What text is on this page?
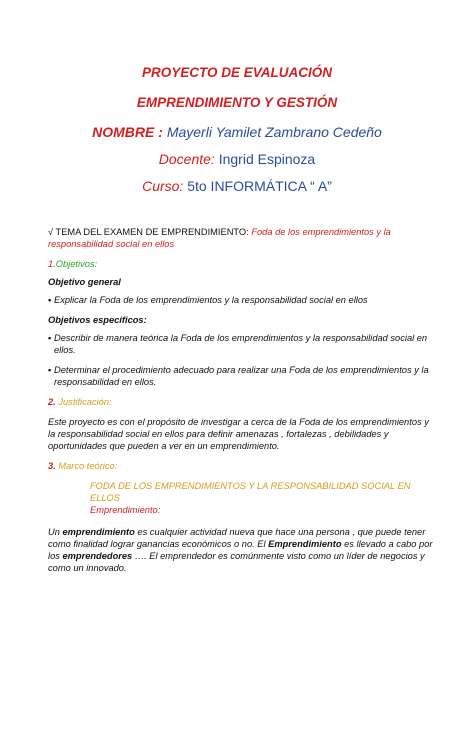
PROYECTO DE EVALUACIÓN
EMPRENDIMIENTO Y GESTIÓN
NOMBRE : Mayerli Yamilet Zambrano Cedeño
Docente: Ingrid Espinoza
Curso: 5to INFORMÁTICA “ A”

√ TEMA DEL EXAMEN DE EMPRENDIMIENTO: Foda de los emprendimientos y la

responsabilidad social en ellos

1.Objetivos:

Objetivo general

• Explicar la Foda de los emprendimientos y la responsabilidad social en ellos

Objetivos específicos:

• Describir de manera teórica la Foda de los emprendimientos y la responsabilidad social en ellos.
• Determinar el procedimiento adecuado para realizar una Foda de los emprendimientos y la responsabilidad en ellos.

2. Justificación:

Este proyecto es con el propósito de investigar a cerca de la Foda de los emprendimientos y la responsabilidad social en ellos para definir amenazas , fortalezas , debilidades y oportunidades que pueden a ver en un emprendimiento.

3. Marco teórico:

FODA DE LOS EMPRENDIMIENTOS Y LA RESPONSABILIDAD SOCIAL EN ELLOS

Emprendimiento:

Un emprendimiento es cualquier actividad nueva que hace una persona , que puede tener como finalidad lograr ganancias económicos o no. El Emprendimiento es llevado a cabo por los emprendedores …. El emprendedor es comúnmente visto como un líder de negocios y como un innovado.
